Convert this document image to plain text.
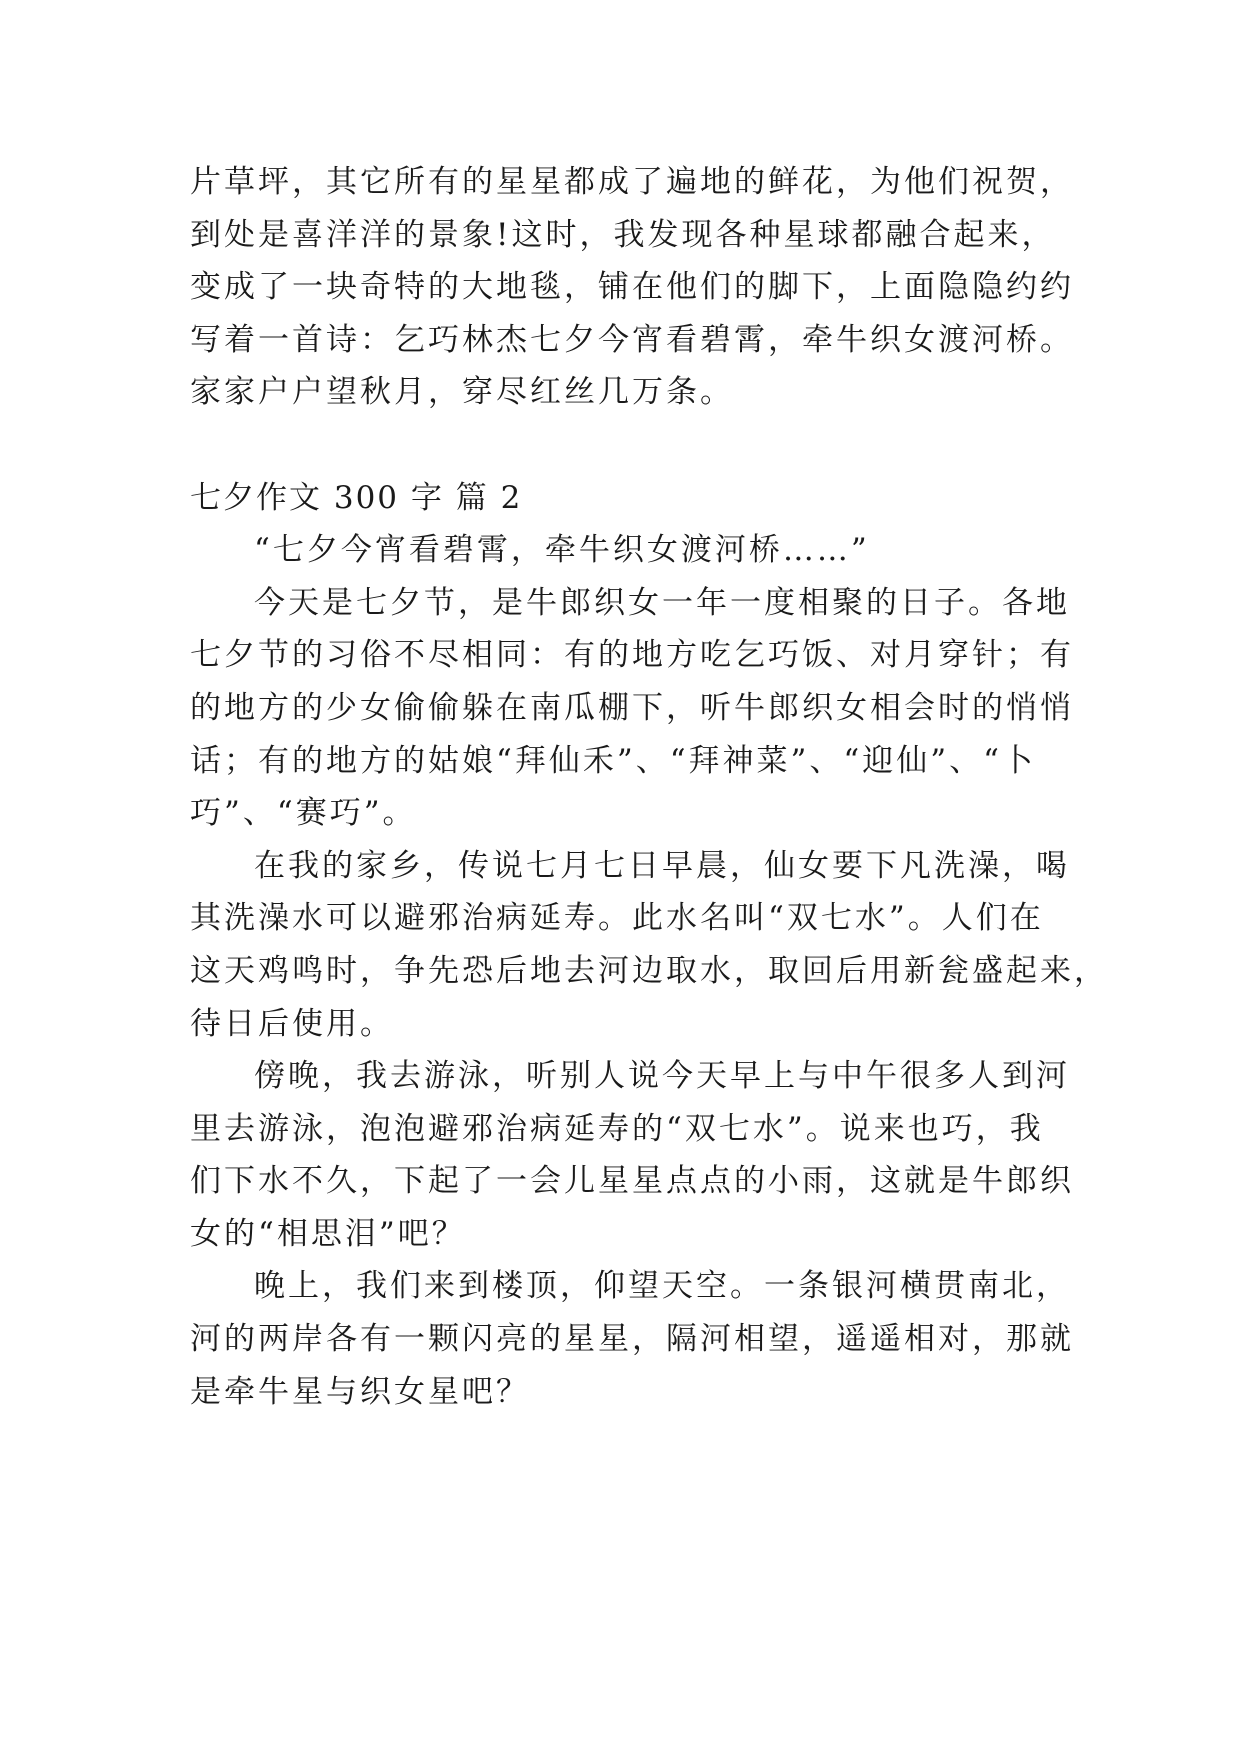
片草坪，其它所有的星星都成了遍地的鲜花，为他们祝贺，
到处是喜洋洋的景象!这时，我发现各种星球都融合起来，
变成了一块奇特的大地毯，铺在他们的脚下，上面隐隐约约
写着一首诗：乞巧林杰七夕今宵看碧霄，牵牛织女渡河桥。
家家户户望秋月，穿尽红丝几万条。
七夕作文 300 字 篇 2
“七夕今宵看碧霄，牵牛织女渡河桥……”
今天是七夕节，是牛郎织女一年一度相聚的日子。各地
七夕节的习俗不尽相同：有的地方吃乞巧饭、对月穿针；有
的地方的少女偷偷躲在南瓜棚下，听牛郎织女相会时的悄悄
话；有的地方的姑娘“拜仙禾”、“拜神菜”、“迎仙”、“卜
巧”、“赛巧”。
在我的家乡，传说七月七日早晨，仙女要下凡洗澡，喝
其洗澡水可以避邪治病延寿。此水名叫“双七水”。人们在
这天鸡鸣时，争先恐后地去河边取水，取回后用新瓮盛起来，
待日后使用。
傍晚，我去游泳，听别人说今天早上与中午很多人到河
里去游泳，泡泡避邪治病延寿的“双七水”。说来也巧，我
们下水不久，下起了一会儿星星点点的小雨，这就是牛郎织
女的“相思泪”吧？
晚上，我们来到楼顶，仰望天空。一条银河横贯南北，
河的两岸各有一颗闪亮的星星，隔河相望，遥遥相对，那就
是牵牛星与织女星吧？
